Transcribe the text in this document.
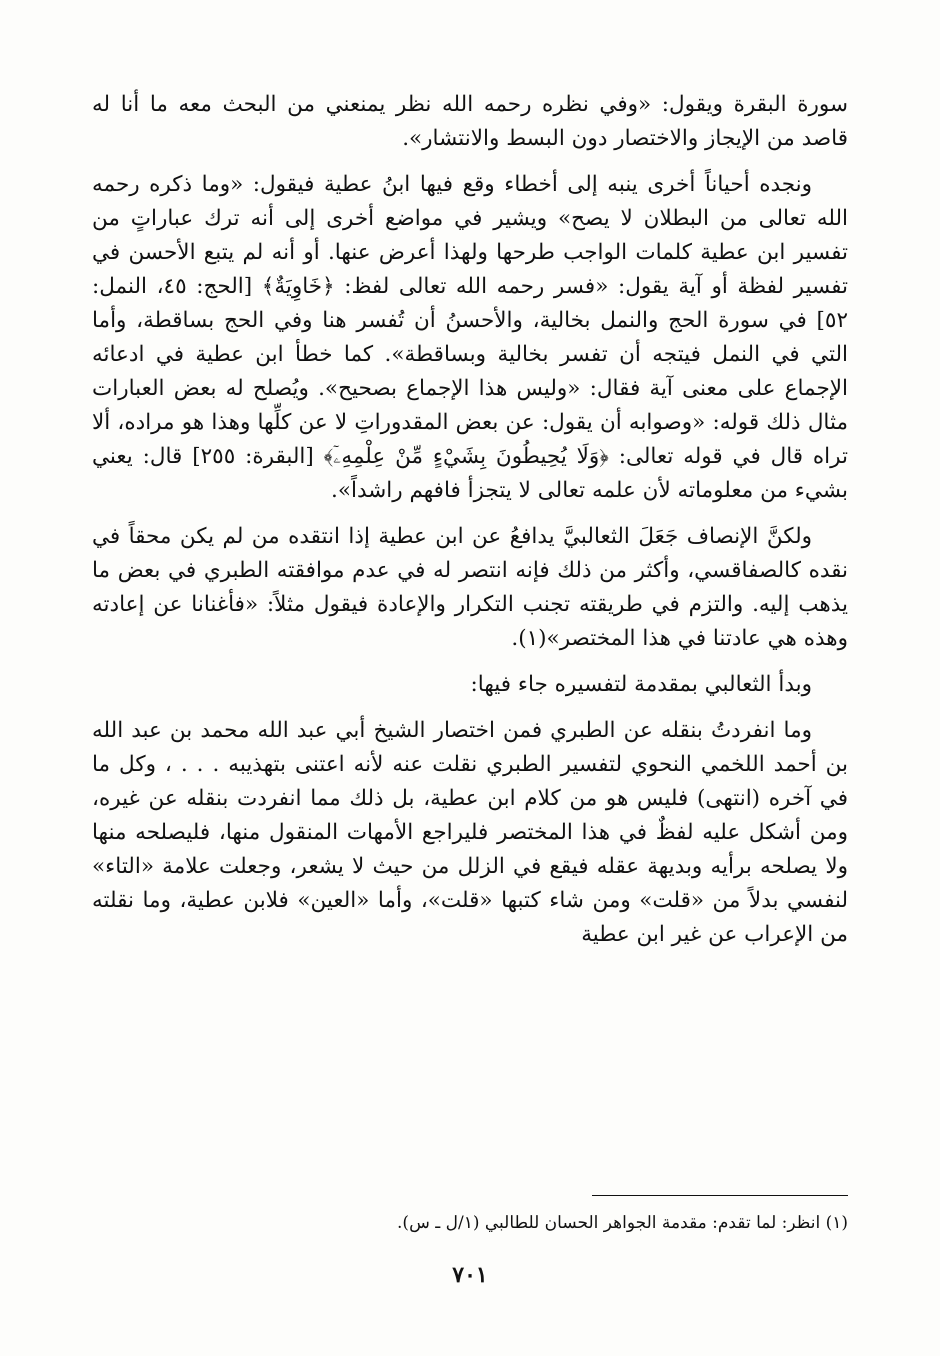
سورة البقرة ويقول: «وفي نظره رحمه الله نظر يمنعني من البحث معه ما أنا له قاصد من الإيجاز والاختصار دون البسط والانتشار».

ونجده أحياناً أخرى ينبه إلى أخطاء وقع فيها ابنُ عطية فيقول: «وما ذكره رحمه الله تعالى من البطلان لا يصح» ويشير في مواضع أخرى إلى أنه ترك عباراتٍ من تفسير ابن عطية كلمات الواجب طرحها ولهذا أعرض عنها. أو أنه لم يتبع الأحسن في تفسير لفظة أو آية يقول: «فسر رحمه الله تعالى لفظ: ﴿خَاوِيَةٌ﴾ [الحج: ٤٥، النمل: ٥٢] في سورة الحج والنمل بخالية، والأحسنُ أن تُفسر هنا وفي الحج بساقطة، وأما التي في النمل فيتجه أن تفسر بخالية وبساقطة». كما خطأ ابن عطية في ادعائه الإجماع على معنى آية فقال: «وليس هذا الإجماع بصحيح». ويُصلح له بعض العبارات مثال ذلك قوله: «وصوابه أن يقول: عن بعض المقدوراتِ لا عن كلِّها وهذا هو مراده، ألا تراه قال في قوله تعالى: ﴿وَلَا يُحِيطُونَ بِشَيْءٍ مِّنْ عِلْمِهِۦٓ﴾ [البقرة: ٢٥٥] قال: يعني بشيء من معلوماته لأن علمه تعالى لا يتجزأ فافهم راشداً».

ولكنَّ الإنصاف جَعَلَ الثعالبيَّ يدافعُ عن ابن عطية إذا انتقده من لم يكن محقاً في نقده كالصفاقسي، وأكثر من ذلك فإنه انتصر له في عدم موافقته الطبري في بعض ما يذهب إليه. والتزم في طريقته تجنب التكرار والإعادة فيقول مثلاً: «فأغنانا عن إعادته وهذه هي عادتنا في هذا المختصر»(١).

وبدأ الثعالبي بمقدمة لتفسيره جاء فيها:

وما انفردتُ بنقله عن الطبري فمن اختصار الشيخ أبي عبد الله محمد بن عبد الله بن أحمد اللخمي النحوي لتفسير الطبري نقلت عنه لأنه اعتنى بتهذيبه . . . ، وكل ما في آخره (انتهى) فليس هو من كلام ابن عطية، بل ذلك مما انفردت بنقله عن غيره، ومن أشكل عليه لفظٌ في هذا المختصر فليراجع الأمهات المنقول منها، فليصلحه منها ولا يصلحه برأيه وبديهة عقله فيقع في الزلل من حيث لا يشعر، وجعلت علامة «التاء» لنفسي بدلاً من «قلت» ومن شاء كتبها «قلت»، وأما «العين» فلابن عطية، وما نقلته من الإعراب عن غير ابن عطية

(١) انظر: لما تقدم: مقدمة الجواهر الحسان للطالبي (١/ل ـ س).
٧٠١
